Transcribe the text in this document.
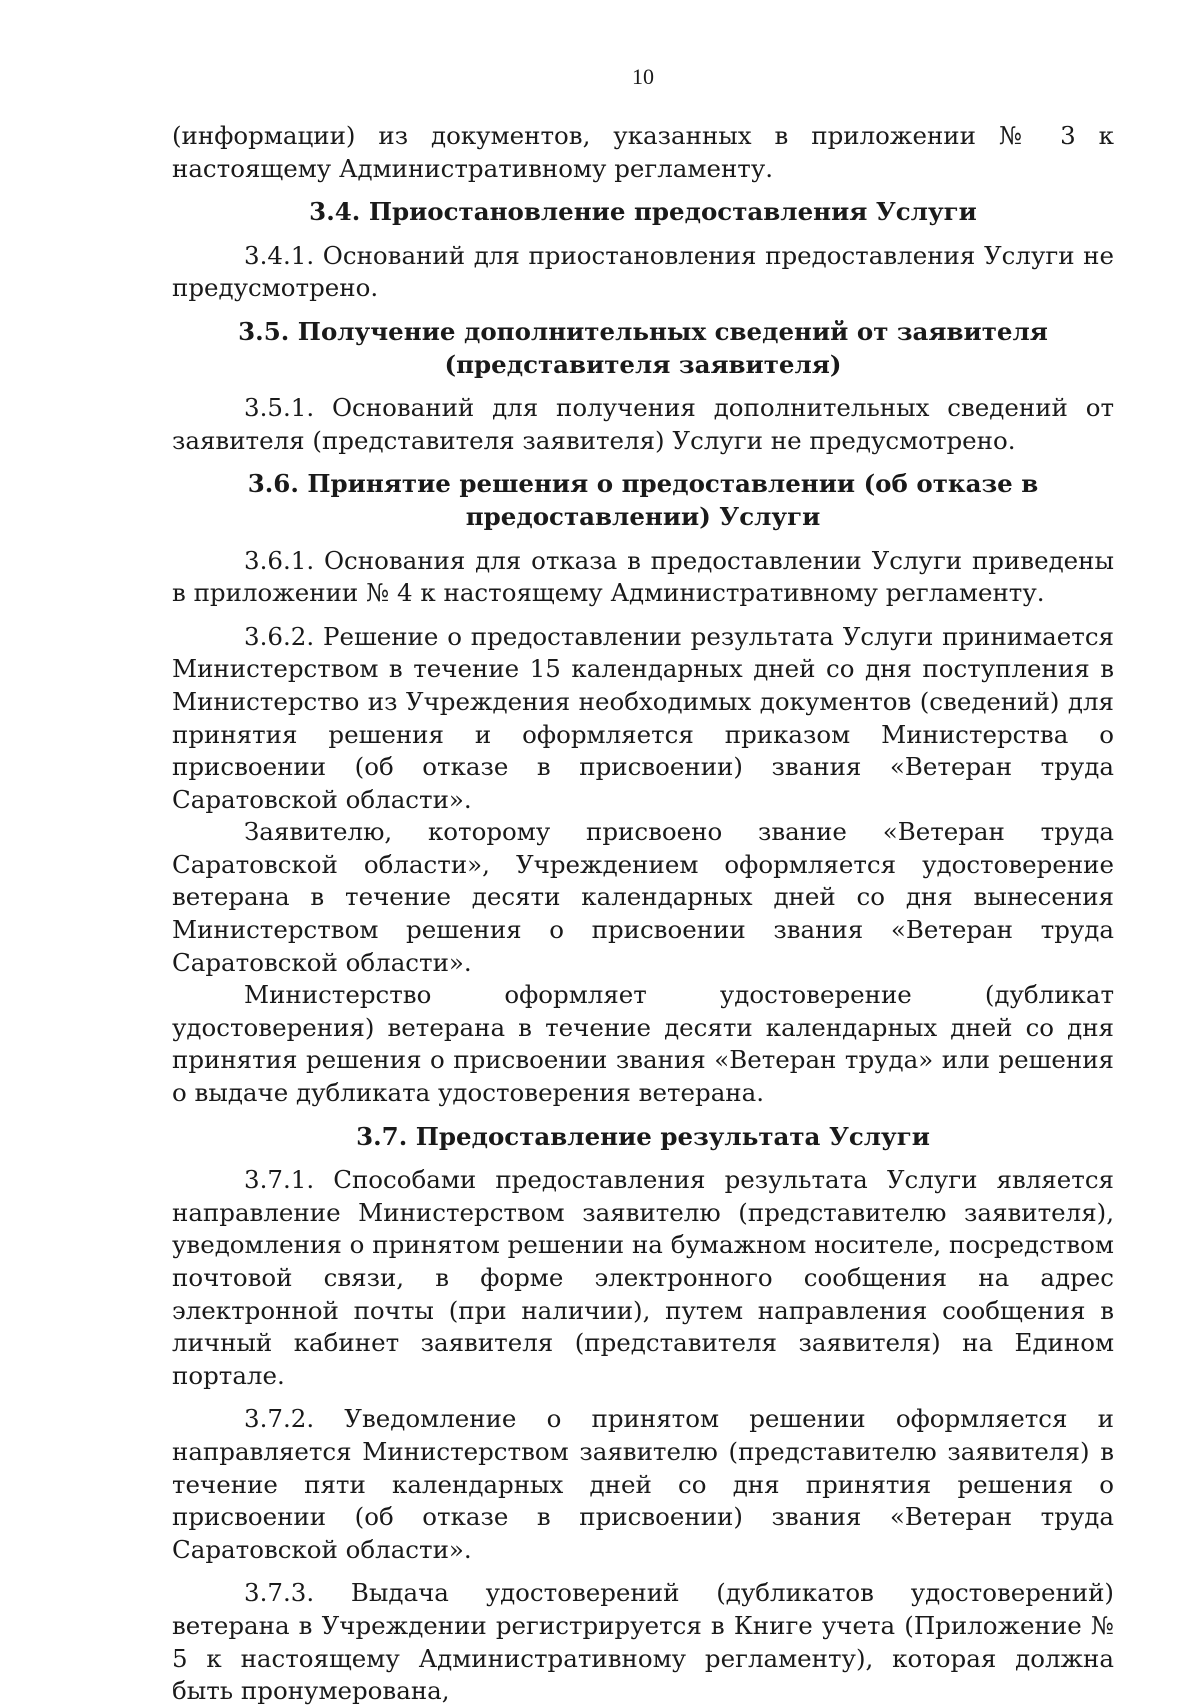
10

(информации) из документов, указанных в приложении № 3 к настоящему Административному регламенту.

3.4. Приостановление предоставления Услуги

3.4.1. Оснований для приостановления предоставления Услуги не предусмотрено.

3.5. Получение дополнительных сведений от заявителя (представителя заявителя)

3.5.1. Оснований для получения дополнительных сведений от заявителя (представителя заявителя) Услуги не предусмотрено.

3.6. Принятие решения о предоставлении (об отказе в предоставлении) Услуги

3.6.1. Основания для отказа в предоставлении Услуги приведены в приложении № 4 к настоящему Административному регламенту.

3.6.2. Решение о предоставлении результата Услуги принимается Министерством в течение 15 календарных дней со дня поступления в Министерство из Учреждения необходимых документов (сведений) для принятия решения и оформляется приказом Министерства о присвоении (об отказе в присвоении) звания «Ветеран труда Саратовской области».

Заявителю, которому присвоено звание «Ветеран труда Саратовской области», Учреждением оформляется удостоверение ветерана в течение десяти календарных дней со дня вынесения Министерством решения о присвоении звания «Ветеран труда Саратовской области».

Министерство оформляет удостоверение (дубликат удостоверения) ветерана в течение десяти календарных дней со дня принятия решения о присвоении звания «Ветеран труда» или решения о выдаче дубликата удостоверения ветерана.

3.7. Предоставление результата Услуги

3.7.1. Способами предоставления результата Услуги является направление Министерством заявителю (представителю заявителя), уведомления о принятом решении на бумажном носителе, посредством почтовой связи, в форме электронного сообщения на адрес электронной почты (при наличии), путем направления сообщения в личный кабинет заявителя (представителя заявителя) на Едином портале.

3.7.2. Уведомление о принятом решении оформляется и направляется Министерством заявителю (представителю заявителя) в течение пяти календарных дней со дня принятия решения о присвоении (об отказе в присвоении) звания «Ветеран труда Саратовской области».

3.7.3. Выдача удостоверений (дубликатов удостоверений) ветерана в Учреждении регистрируется в Книге учета (Приложение № 5 к настоящему Административному регламенту), которая должна быть пронумерована,
